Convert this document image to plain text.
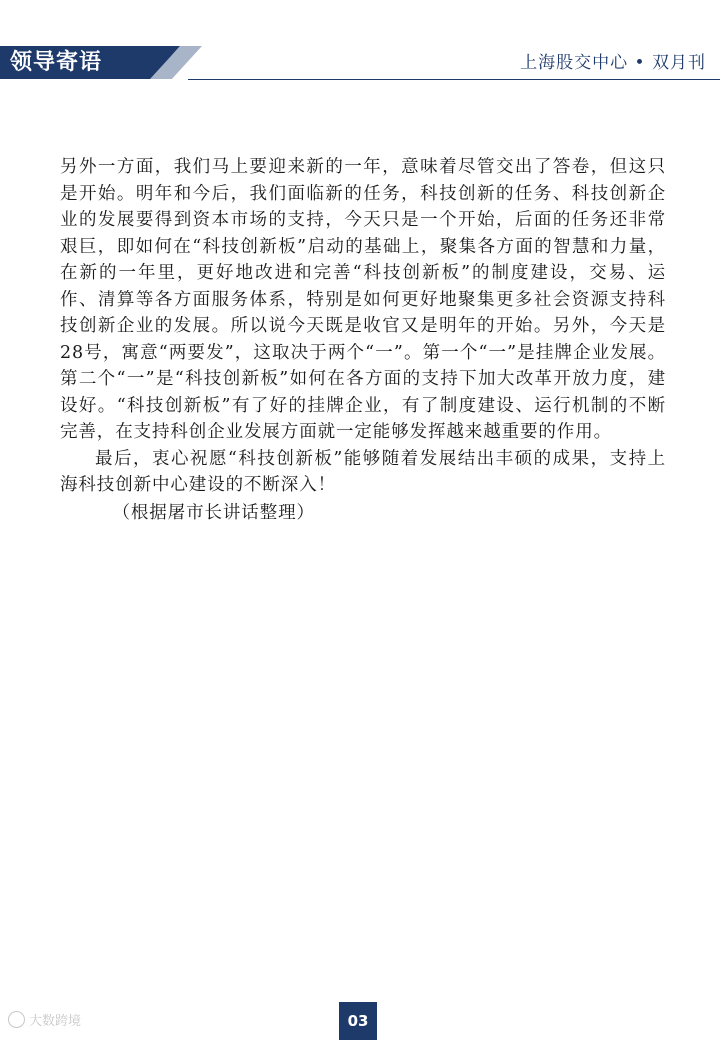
领导寄语	上海股交中心 • 双月刊

另外一方面，我们马上要迎来新的一年，意味着尽管交出了答卷，但这只是开始。明年和今后，我们面临新的任务，科技创新的任务、科技创新企业的发展要得到资本市场的支持，今天只是一个开始，后面的任务还非常艰巨，即如何在“科技创新板”启动的基础上，聚集各方面的智慧和力量，在新的一年里，更好地改进和完善“科技创新板”的制度建设，交易、运作、清算等各方面服务体系，特别是如何更好地聚集更多社会资源支持科技创新企业的发展。所以说今天既是收官又是明年的开始。另外，今天是28号，寓意“两要发”，这取决于两个“一”。第一个“一”是挂牌企业发展。第二个“一”是“科技创新板”如何在各方面的支持下加大改革开放力度，建设好。“科技创新板”有了好的挂牌企业，有了制度建设、运行机制的不断完善，在支持科创企业发展方面就一定能够发挥越来越重要的作用。

最后，衷心祝愿“科技创新板”能够随着发展结出丰硕的成果，支持上海科技创新中心建设的不断深入！

（根据屠市长讲话整理）

大数跨境	03
